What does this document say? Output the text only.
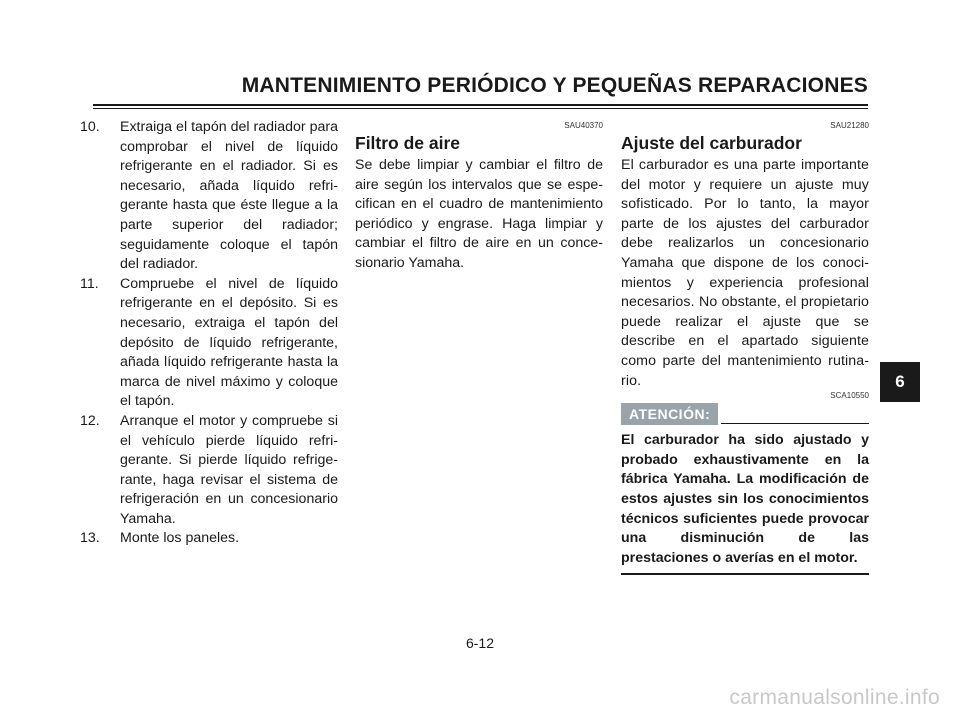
MANTENIMIENTO PERIÓDICO Y PEQUEÑAS REPARACIONES
10. Extraiga el tapón del radiador para comprobar el nivel de líquido refrigerante en el radiador. Si es necesario, añada líquido refrigerante hasta que éste llegue a la parte superior del radiador; seguidamente coloque el tapón del radiador.
11. Compruebe el nivel de líquido refrigerante en el depósito. Si es necesario, extraiga el tapón del depósito de líquido refrigerante, añada líquido refrigerante hasta la marca de nivel máximo y coloque el tapón.
12. Arranque el motor y compruebe si el vehículo pierde líquido refrigerante. Si pierde líquido refrigerante, haga revisar el sistema de refrigeración en un concesionario Yamaha.
13. Monte los paneles.
SAU40370
Filtro de aire
Se debe limpiar y cambiar el filtro de aire según los intervalos que se especifican en el cuadro de mantenimiento periódico y engrase. Haga limpiar y cambiar el filtro de aire en un concesionario Yamaha.
SAU21280
Ajuste del carburador
El carburador es una parte importante del motor y requiere un ajuste muy sofisticado. Por lo tanto, la mayor parte de los ajustes del carburador debe realizarlos un concesionario Yamaha que dispone de los conocimientos y experiencia profesional necesarios. No obstante, el propietario puede realizar el ajuste que se describe en el apartado siguiente como parte del mantenimiento rutinario.
SCA10550
ATENCIÓN:
El carburador ha sido ajustado y probado exhaustivamente en la fábrica Yamaha. La modificación de estos ajustes sin los conocimientos técnicos suficientes puede provocar una disminución de las prestaciones o averías en el motor.
6
6-12
carmanualsonline.info
